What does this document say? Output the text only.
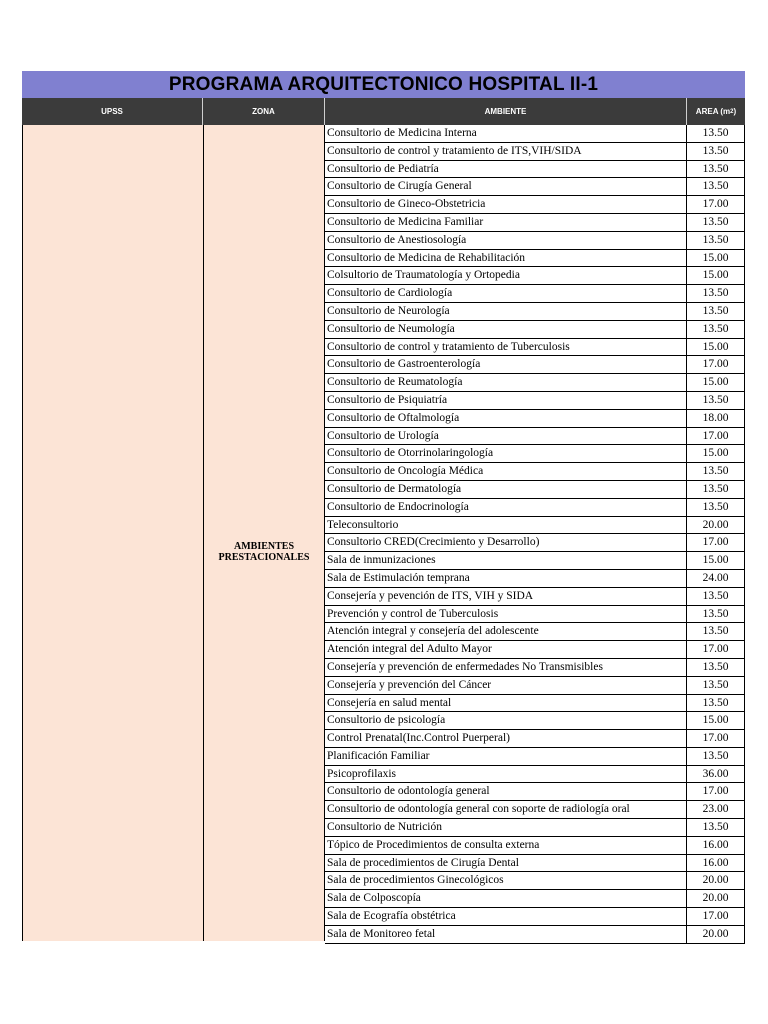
PROGRAMA ARQUITECTONICO HOSPITAL II-1
UPSS	ZONA	AMBIENTE	AREA (m 2 )
AMBIENTES PRESTACIONALES
Consultorio de Medicina Interna	13.50
Consultorio de control y tratamiento de ITS,VIH/SIDA	13.50
Consultorio de Pediatría	13.50
Consultorio de Cirugía General	13.50
Consultorio de Gineco-Obstetricia	17.00
Consultorio de Medicina Familiar	13.50
Consultorio de Anestiosología	13.50
Consultorio de Medicina de Rehabilitación	15.00
Colsultorio de Traumatología y Ortopedia	15.00
Consultorio de Cardiología	13.50
Consultorio de Neurología	13.50
Consultorio de Neumología	13.50
Consultorio de control y tratamiento de Tuberculosis	15.00
Consultorio de Gastroenterología	17.00
Consultorio de Reumatología	15.00
Consultorio de Psiquiatría	13.50
Consultorio de Oftalmología	18.00
Consultorio de Urología	17.00
Consultorio de Otorrinolaringología	15.00
Consultorio de Oncología Médica	13.50
Consultorio de Dermatología	13.50
Consultorio de Endocrinología	13.50
Teleconsultorio	20.00
Consultorio CRED(Crecimiento y Desarrollo)	17.00
Sala de inmunizaciones	15.00
Sala de Estimulación temprana	24.00
Consejería y pevención de ITS, VIH y SIDA	13.50
Prevención y control de Tuberculosis	13.50
Atención integral y consejería del adolescente	13.50
Atención integral del Adulto Mayor	17.00
Consejería y prevención de enfermedades No Transmisibles	13.50
Consejería y prevención del Cáncer	13.50
Consejería en salud mental	13.50
Consultorio de psicología	15.00
Control Prenatal(Inc.Control Puerperal)	17.00
Planificación Familiar	13.50
Psicoprofilaxis	36.00
Consultorio de odontología general	17.00
Consultorio de odontología general con soporte de radiología oral	23.00
Consultorio de Nutrición	13.50
Tópico de Procedimientos de consulta externa	16.00
Sala de procedimientos de Cirugía Dental	16.00
Sala de procedimientos Ginecológicos	20.00
Sala de Colposcopía	20.00
Sala de Ecografía obstétrica	17.00
Sala de Monitoreo fetal	20.00
